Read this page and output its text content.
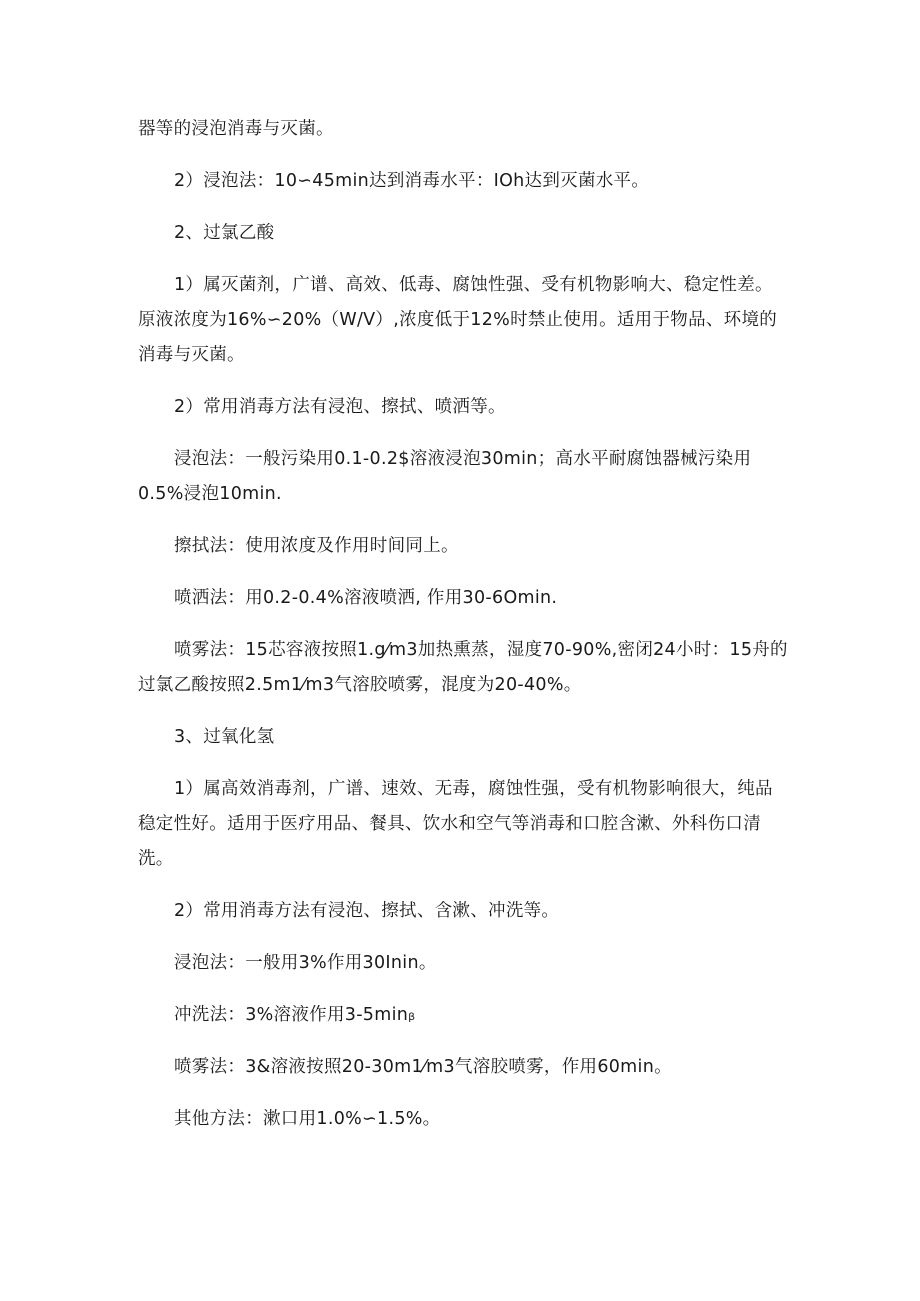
器等的浸泡消毒与灭菌。

2）浸泡法：10∽45min达到消毒水平：IOh达到灭菌水平。

2、过氯乙酸

1）属灭菌剂，广谱、高效、低毒、腐蚀性强、受有机物影响大、稳定性差。原液浓度为16%∽20%（W/V）,浓度低于12%时禁止使用。适用于物品、环境的消毒与灭菌。

2）常用消毒方法有浸泡、擦拭、喷洒等。

浸泡法：一般污染用0.1-0.2$溶液浸泡30min；高水平耐腐蚀器械污染用0.5%浸泡10min.

擦拭法：使用浓度及作用时间同上。

喷洒法：用0.2-0.4%溶液喷洒, 作用30-6Omin.

喷雾法：15芯容液按照1.g⁄m3加热熏蒸，湿度70-90%,密闭24小时：15舟的过氯乙酸按照2.5m1⁄m3气溶胶喷雾，混度为20-40%。

3、过氧化氢

1）属高效消毒剂，广谱、速效、无毒，腐蚀性强，受有机物影响很大，纯品稳定性好。适用于医疗用品、餐具、饮水和空气等消毒和口腔含漱、外科伤口清洗。

2）常用消毒方法有浸泡、擦拭、含漱、冲洗等。

浸泡法：一般用3%作用30Inin。

冲洗法：3%溶液作用3-5minᵦ

喷雾法：3&溶液按照20-30m1⁄m3气溶胶喷雾，作用60min。

其他方法：漱口用1.0%∽1.5%。
